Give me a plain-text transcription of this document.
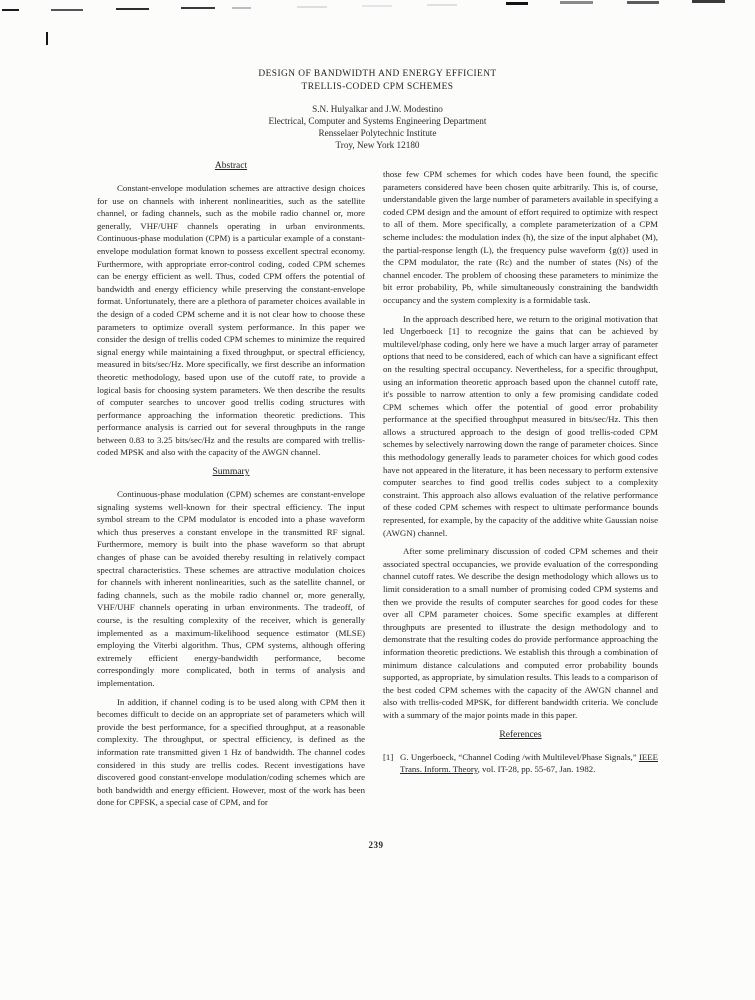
DESIGN OF BANDWIDTH AND ENERGY EFFICIENT
TRELLIS-CODED CPM SCHEMES
S.N. Hulyalkar and J.W. Modestino
Electrical, Computer and Systems Engineering Department
Rensselaer Polytechnic Institute
Troy, New York 12180
Abstract

Constant-envelope modulation schemes are attractive design choices for use on channels with inherent nonlinearities, such as the satellite channel, or fading channels, such as the mobile radio channel or, more generally, VHF/UHF channels operating in urban environments. Continuous-phase modulation (CPM) is a particular example of a constant-envelope modulation format known to possess excellent spectral economy. Furthermore, with appropriate error-control coding, coded CPM schemes can be energy efficient as well. Thus, coded CPM offers the potential of bandwidth and energy efficiency while preserving the constant-envelope format. Unfortunately, there are a plethora of parameter choices available in the design of a coded CPM scheme and it is not clear how to choose these parameters to optimize overall system performance. In this paper we consider the design of trellis coded CPM schemes to minimize the required signal energy while maintaining a fixed throughput, or spectral efficiency, measured in bits/sec/Hz. More specifically, we first describe an information theoretic methodology, based upon use of the cutoff rate, to provide a logical basis for choosing system parameters. We then describe the results of computer searches to uncover good trellis coding structures with performance approaching the information theoretic predictions. This performance analysis is carried out for several throughputs in the range between 0.83 to 3.25 bits/sec/Hz and the results are compared with trellis-coded MPSK and also with the capacity of the AWGN channel.

Summary

Continuous-phase modulation (CPM) schemes are constant-envelope signaling systems well-known for their spectral efficiency. The input symbol stream to the CPM modulator is encoded into a phase waveform which thus preserves a constant envelope in the transmitted RF signal. Furthermore, memory is built into the phase waveform so that abrupt changes of phase can be avoided thereby resulting in relatively compact spectral characteristics. These schemes are attractive modulation choices for channels with inherent nonlinearities, such as the satellite channel, or fading channels, such as the mobile radio channel or, more generally, VHF/UHF channels operating in urban environments. The tradeoff, of course, is the resulting complexity of the receiver, which is generally implemented as a maximum-likelihood sequence estimator (MLSE) employing the Viterbi algorithm. Thus, CPM systems, although offering extremely efficient energy-bandwidth performance, become correspondingly more complicated, both in terms of analysis and implementation.

In addition, if channel coding is to be used along with CPM then it becomes difficult to decide on an appropriate set of parameters which will provide the best performance, for a specified throughput, at a reasonable complexity. The throughput, or spectral efficiency, is defined as the information rate transmitted given 1 Hz of bandwidth. The channel codes considered in this study are trellis codes. Recent investigations have discovered good constant-envelope modulation/coding schemes which are both bandwidth and energy efficient. However, most of the work has been done for CPFSK, a special case of CPM, and for

those few CPM schemes for which codes have been found, the specific parameters considered have been chosen quite arbitrarily. This is, of course, understandable given the large number of parameters available in specifying a coded CPM design and the amount of effort required to optimize with respect to all of them. More specifically, a complete parameterization of a CPM scheme includes: the modulation index (h), the size of the input alphabet (M), the partial-response length (L), the frequency pulse waveform {g(t)} used in the CPM modulator, the rate (Rc) and the number of states (Ns) of the channel encoder. The problem of choosing these parameters to minimize the bit error probability, Pb, while simultaneously constraining the bandwidth occupancy and the system complexity is a formidable task.

In the approach described here, we return to the original motivation that led Ungerboeck [1] to recognize the gains that can be achieved by multilevel/phase coding, only here we have a much larger array of parameter options that need to be considered, each of which can have a significant effect on the resulting spectral occupancy. Nevertheless, for a specific throughput, using an information theoretic approach based upon the channel cutoff rate, it's possible to narrow attention to only a few promising candidate coded CPM schemes which offer the potential of good error probability performance at the specified throughput measured in bits/sec/Hz. This then allows a structured approach to the design of good trellis-coded CPM schemes by selectively narrowing down the range of parameter choices. Since this methodology generally leads to parameter choices for which good codes have not appeared in the literature, it has been necessary to perform extensive computer searches to find good trellis codes subject to a complexity constraint. This approach also allows evaluation of the relative performance of these coded CPM schemes with respect to ultimate performance bounds represented, for example, by the capacity of the additive white Gaussian noise (AWGN) channel.

After some preliminary discussion of coded CPM schemes and their associated spectral occupancies, we provide evaluation of the corresponding channel cutoff rates. We describe the design methodology which allows us to limit consideration to a small number of promising coded CPM systems and then we provide the results of computer searches for good codes for these over all CPM parameter choices. Some specific examples at different throughputs are presented to illustrate the design methodology and to demonstrate that the resulting codes do provide performance approaching the information theoretic predictions. We establish this through a combination of minimum distance calculations and computed error probability bounds supported, as appropriate, by simulation results. This leads to a comparison of the best coded CPM schemes with the capacity of the AWGN channel and also with trellis-coded MPSK, for different bandwidth criteria. We conclude with a summary of the major points made in this paper.

References
[1] G. Ungerboeck, “Channel Coding /with Multilevel/Phase Signals,” IEEE Trans. Inform. Theory, vol. IT-28, pp. 55-67, Jan. 1982.
239
